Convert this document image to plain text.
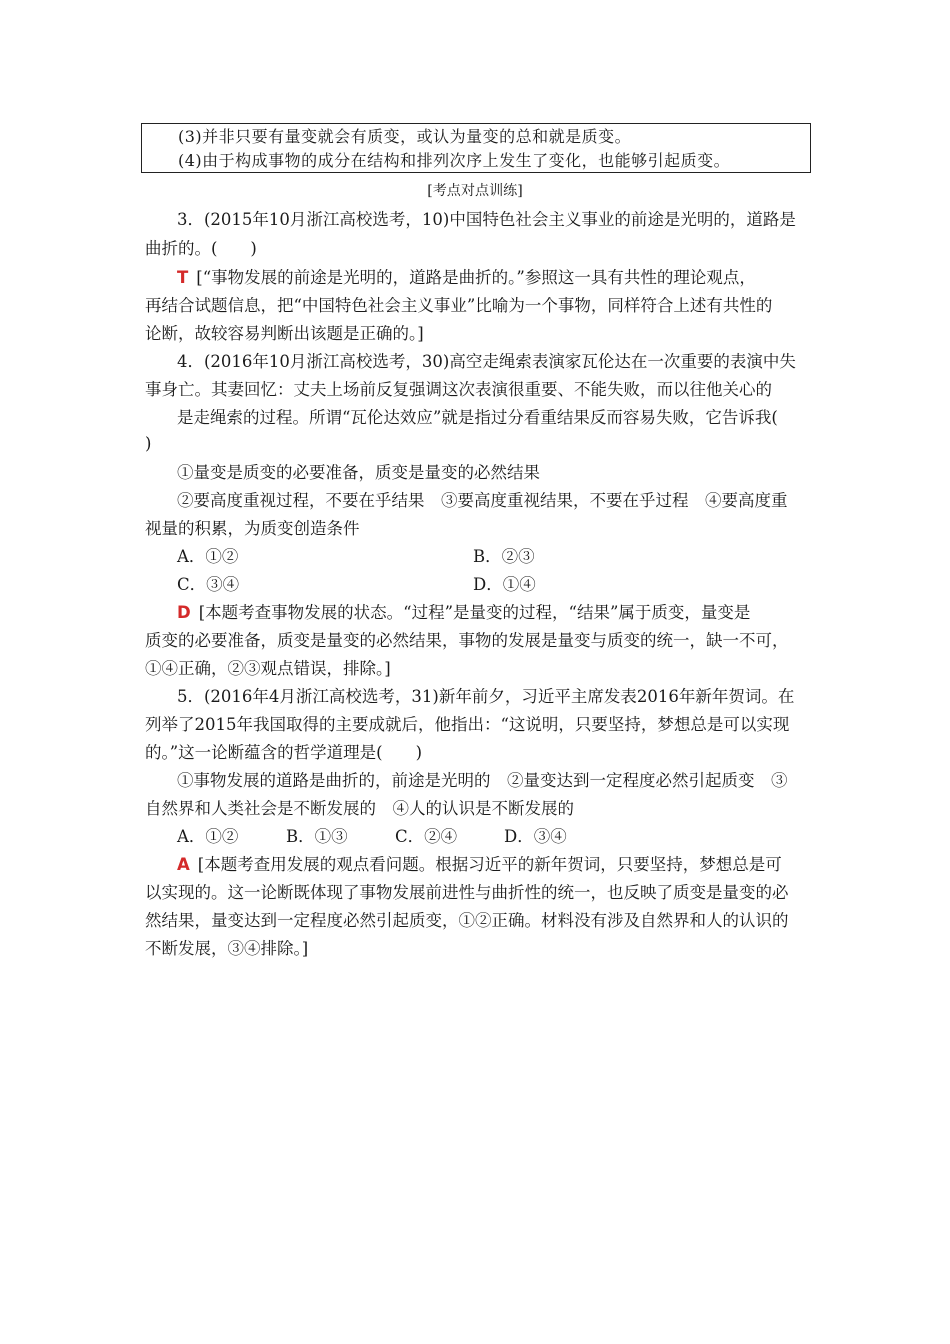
(3)并非只要有量变就会有质变，或认为量变的总和就是质变。
(4)由于构成事物的成分在结构和排列次序上发生了变化，也能够引起质变。
[考点对点训练]
3．(2015年10月浙江高校选考，10)中国特色社会主义事业的前途是光明的，道路是
曲折的。(　　)
T [“事物发展的前途是光明的，道路是曲折的。”参照这一具有共性的理论观点，
再结合试题信息，把“中国特色社会主义事业”比喻为一个事物，同样符合上述有共性的
论断，故较容易判断出该题是正确的。]
4．(2016年10月浙江高校选考，30)高空走绳索表演家瓦伦达在一次重要的表演中失
事身亡。其妻回忆：丈夫上场前反复强调这次表演很重要、不能失败，而以往他关心的
是走绳索的过程。所谓“瓦伦达效应”就是指过分看重结果反而容易失败，它告诉我(
)
①量变是质变的必要准备，质变是量变的必然结果
②要高度重视过程，不要在乎结果　③要高度重视结果，不要在乎过程　④要高度重
视量的积累，为质变创造条件
A．①②	B．②③
C．③④	D．①④
D [本题考查事物发展的状态。“过程”是量变的过程，“结果”属于质变，量变是
质变的必要准备，质变是量变的必然结果，事物的发展是量变与质变的统一，缺一不可，
①④正确，②③观点错误，排除。]
5．(2016年4月浙江高校选考，31)新年前夕，习近平主席发表2016年新年贺词。在
列举了2015年我国取得的主要成就后，他指出：“这说明，只要坚持，梦想总是可以实现
的。”这一论断蕴含的哲学道理是(　　)
①事物发展的道路是曲折的，前途是光明的　②量变达到一定程度必然引起质变　③
自然界和人类社会是不断发展的　④人的认识是不断发展的
A．①②	B．①③	C．②④	D．③④
A [本题考查用发展的观点看问题。根据习近平的新年贺词，只要坚持，梦想总是可
以实现的。这一论断既体现了事物发展前进性与曲折性的统一，也反映了质变是量变的必
然结果，量变达到一定程度必然引起质变，①②正确。材料没有涉及自然界和人的认识的
不断发展，③④排除。]
